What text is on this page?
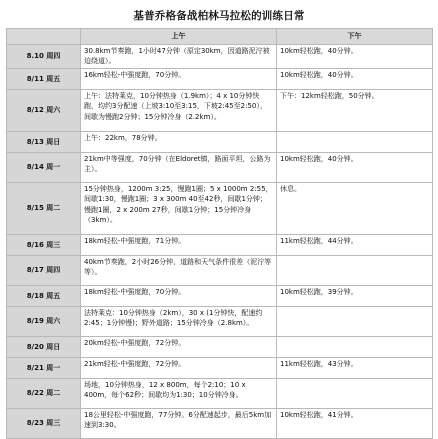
基普乔格备战柏林马拉松的训练日常
	上午	下午
8.10 周四	30.8km节奏跑，1小时47分钟（原定30km，因道路泥泞被迫绕道）。	10km轻松跑，40分钟。
8/11 周五	16km轻松-中强度跑，70分钟。	10km轻松跑，40分钟。
8/12 周六	上午：法特莱克，10分钟热身（1.9km）；4 x 10分钟快跑，均约3分配速（上坡3:10至3:15，下坡2:45至2:50），间歇为慢跑2分钟；15分钟冷身（2.2km）。	下午：12km轻松跑，50分钟。
8/13 周日	上午：22km，78分钟。	
8/14 周一	21km中等强度，70分钟（在Eldoret镇，路面平坦，公路为主）。	10km轻松跑，40分钟。
8/15 周二	15分钟热身，1200m 3:25，慢跑1圈；5 x 1000m 2:55，间歇1:30，慢跑1圈；3 x 300m 40至42秒，间歇1分钟；慢跑1圈，2 x 200m 27秒，间歇1分钟；15分钟冷身（3km）。	休息。
8/16 周三	18km轻松-中强度跑，71分钟。	11km轻松跑，44分钟。
8/17 周四	40km节奏跑，2小时26分钟，道路和天气条件很差（泥泞等等）。	
8/18 周五	18km轻松-中强度跑，70分钟。	10km轻松跑，39分钟。
8/19 周六	法特莱克：10分钟热身（2km），30 x (1分钟快，配速约2:45；1分钟慢)；野外道路；15分钟冷身（2.8km）。	
8/20 周日	20km轻松-中强度跑，72分钟。	
8/21 周一	21km轻松-中强度跑，72分钟。	11km轻松跑，43分钟。
8/22 周二	场地，10分钟热身，12 x 800m，每个2:10；10 x 400m，每个62秒；间歇均为1:30；10分钟冷身。	
8/23 周三	18公里轻松-中强度跑，77分钟。6分配速起步，最后5km加速到3:30。	10km轻松跑，41分钟。
